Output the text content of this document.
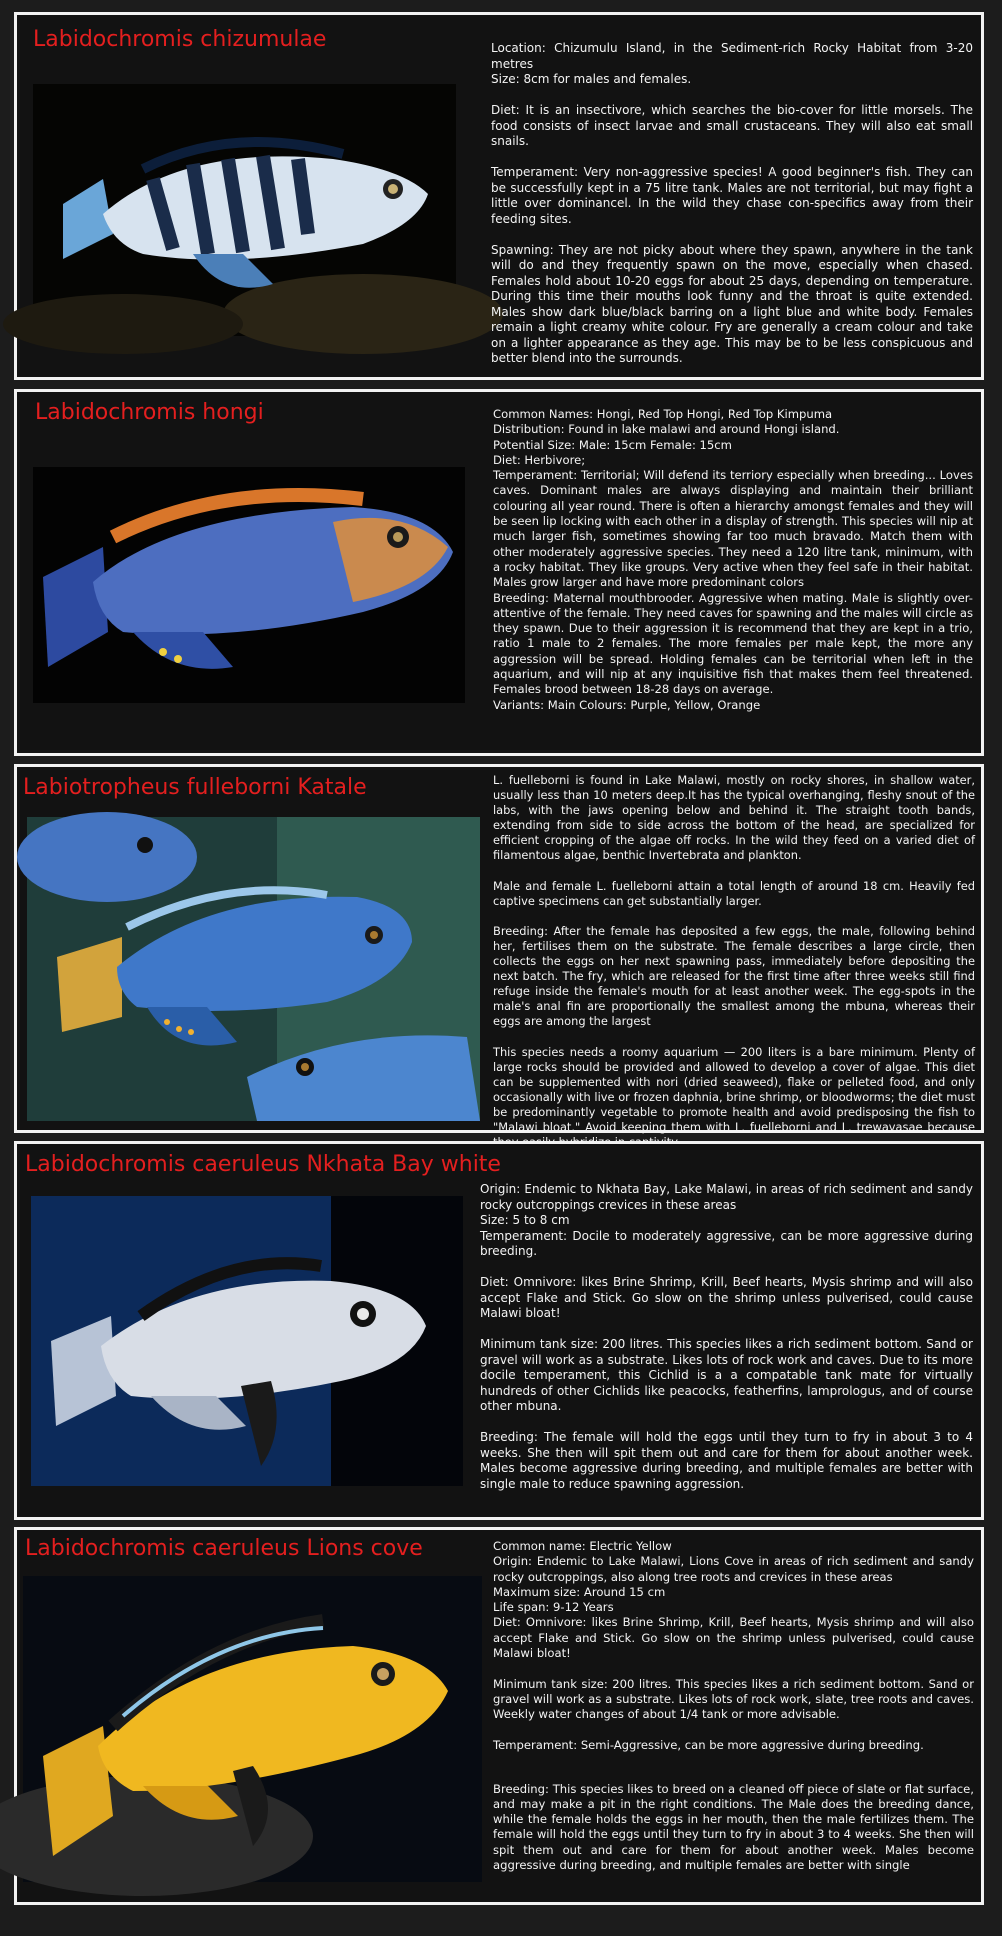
Labidochromis chizumulae	Location: Chizumulu Island, in the Sediment-rich Rocky Habitat from 3-20 metres

Size: 8cm for males and females.

Diet: It is an insectivore, which searches the bio-cover for little morsels. The food consists of insect larvae and small crustaceans. They will also eat small snails.

Temperament: Very non-aggressive species! A good beginner's fish. They can be successfully kept in a 75 litre tank. Males are not territorial, but may fight a little over dominancel. In the wild they chase con-specifics away from their feeding sites.

Spawning: They are not picky about where they spawn, anywhere in the tank will do and they frequently spawn on the move, especially when chased. Females hold about 10-20 eggs for about 25 days, depending on temperature. During this time their mouths look funny and the throat is quite extended. Males show dark blue/black barring on a light blue and white body. Females remain a light creamy white colour. Fry are generally a cream colour and take on a lighter appearance as they age. This may be to be less conspicuous and better blend into the surrounds.

Labidochromis hongi	Common Names: Hongi, Red Top Hongi, Red Top Kimpuma

Distribution: Found in lake malawi and around Hongi island.

Potential Size: Male: 15cm Female: 15cm

Diet: Herbivore;

Temperament: Territorial; Will defend its terriory especially when breeding... Loves caves. Dominant males are always displaying and maintain their brilliant colouring all year round. There is often a hierarchy amongst females and they will be seen lip locking with each other in a display of strength. This species will nip at much larger fish, sometimes showing far too much bravado. Match them with other moderately aggressive species. They need a 120 litre tank, minimum, with a rocky habitat. They like groups. Very active when they feel safe in their habitat. Males grow larger and have more predominant colors

Breeding: Maternal mouthbrooder. Aggressive when mating. Male is slightly over-attentive of the female. They need caves for spawning and the males will circle as they spawn. Due to their aggression it is recommend that they are kept in a trio, ratio 1 male to 2 females. The more females per male kept, the more any aggression will be spread. Holding females can be territorial when left in the aquarium, and will nip at any inquisitive fish that makes them feel threatened. Females brood between 18-28 days on average.

Variants: Main Colours: Purple, Yellow, Orange

Labiotropheus fulleborni Katale	L. fuelleborni is found in Lake Malawi, mostly on rocky shores, in shallow water, usually less than 10 meters deep.It has the typical overhanging, fleshy snout of the labs, with the jaws opening below and behind it. The straight tooth bands, extending from side to side across the bottom of the head, are specialized for efficient cropping of the algae off rocks. In the wild they feed on a varied diet of filamentous algae, benthic Invertebrata and plankton.

Male and female L. fuelleborni attain a total length of around 18 cm. Heavily fed captive specimens can get substantially larger.

Breeding: After the female has deposited a few eggs, the male, following behind her, fertilises them on the substrate. The female describes a large circle, then collects the eggs on her next spawning pass, immediately before depositing the next batch. The fry, which are released for the first time after three weeks still find refuge inside the female's mouth for at least another week. The egg-spots in the male's anal fin are proportionally the smallest among the mbuna, whereas their eggs are among the largest

This species needs a roomy aquarium — 200 liters is a bare minimum. Plenty of large rocks should be provided and allowed to develop a cover of algae. This diet can be supplemented with nori (dried seaweed), flake or pelleted food, and only occasionally with live or frozen daphnia, brine shrimp, or bloodworms; the diet must be predominantly vegetable to promote health and avoid predisposing the fish to "Malawi bloat." Avoid keeping them with L. fuelleborni and L. trewavasae because

Labidochromis caeruleus Nkhata Bay white

Origin: Endemic to Nkhata Bay, Lake Malawi, in areas of rich sediment and sandy rocky outcroppings crevices in these areas

Size: 5 to 8 cm

Temperament: Docile to moderately aggressive, can be more aggressive during breeding.

Diet: Omnivore: likes Brine Shrimp, Krill, Beef hearts, Mysis shrimp and will also accept Flake and Stick. Go slow on the shrimp unless pulverised, could cause Malawi bloat!

Minimum tank size: 200 litres. This species likes a rich sediment bottom. Sand or gravel will work as a substrate. Likes lots of rock work and caves. Due to its more docile temperament, this Cichlid is a a compatable tank mate for virtually hundreds of other Cichlids like peacocks, featherfins, lamprologus, and of course other mbuna.

Breeding: The female will hold the eggs until they turn to fry in about 3 to 4 weeks. She then will spit them out and care for them for about another week. Males become aggressive during breeding, and multiple females are better with single male to reduce spawning aggression.

Labidochromis caeruleus Lions cove	Common name: Electric Yellow

Origin: Endemic to Lake Malawi, Lions Cove in areas of rich sediment and sandy rocky outcroppings, also along tree roots and crevices in these areas

Maximum size: Around 15 cm

Life span: 9-12 Years

Diet: Omnivore: likes Brine Shrimp, Krill, Beef hearts, Mysis shrimp and will also accept Flake and Stick. Go slow on the shrimp unless pulverised, could cause Malawi bloat!

Minimum tank size: 200 litres. This species likes a rich sediment bottom. Sand or gravel will work as a substrate. Likes lots of rock work, slate, tree roots and caves. Weekly water changes of about 1/4 tank or more advisable.

Temperament: Semi-Aggressive, can be more aggressive during breeding.

Breeding: This species likes to breed on a cleaned off piece of slate or flat surface, and may make a pit in the right conditions. The Male does the breeding dance, while the female holds the eggs in her mouth, then the male fertilizes them. The female will hold the eggs until they turn to fry in about 3 to 4 weeks. She then will spit them out and care for them for about another week. Males become aggressive during breeding, and multiple females are better with single
